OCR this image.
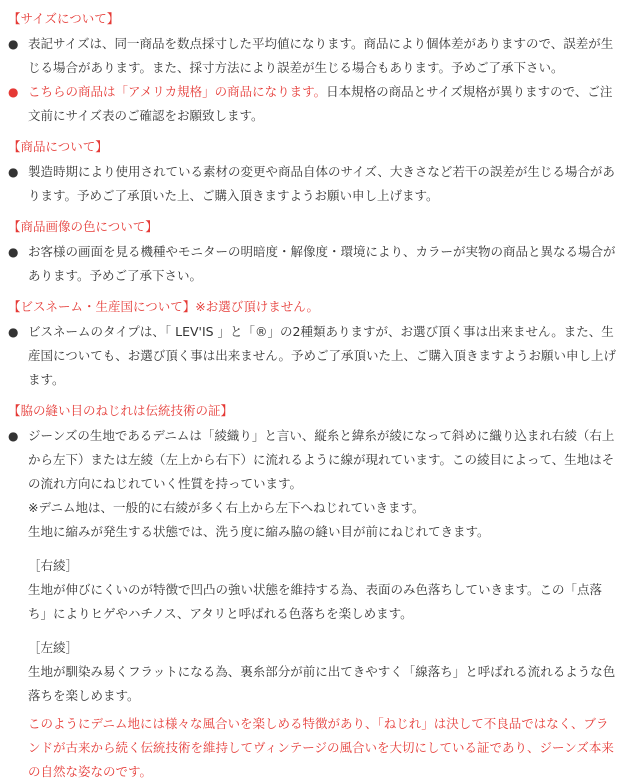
【サイズについて】
● 表記サイズは、同一商品を数点採寸した平均値になります。商品により個体差がありますので、誤差が生じる場合があります。また、採寸方法により誤差が生じる場合もあります。予めご了承下さい。
● こちらの商品は「アメリカ規格」の商品になります。日本規格の商品とサイズ規格が異りますので、ご注文前にサイズ表のご確認をお願致します。
【商品について】
● 製造時期により使用されている素材の変更や商品自体のサイズ、大きさなど若干の誤差が生じる場合があります。予めご了承頂いた上、ご購入頂きますようお願い申し上げます。
【商品画像の色について】
● お客様の画面を見る機種やモニターの明暗度・解像度・環境により、カラーが実物の商品と異なる場合があります。予めご了承下さい。
【ビスネーム・生産国について】※お選び頂けません。
● ビスネームのタイプは、「 LEV'IS 」と「®」の2種類ありますが、お選び頂く事は出来ません。また、生産国についても、お選び頂く事は出来ません。予めご了承頂いた上、ご購入頂きますようお願い申し上げます。
【脇の縫い目のねじれは伝統技術の証】
● ジーンズの生地であるデニムは「綾織り」と言い、縦糸と緯糸が綾になって斜めに織り込まれ右綾（右上から左下）または左綾（左上から右下）に流れるように線が現れています。この綾目によって、生地はその流れ方向にねじれていく性質を持っています。

※デニム地は、一般的に右綾が多く右上から左下へねじれていきます。

生地に縮みが発生する状態では、洗う度に縮み脇の縫い目が前にねじれてきます。

［右綾］

生地が伸びにくいのが特徴で凹凸の強い状態を維持する為、表面のみ色落ちしていきます。この「点落ち」によりヒゲやハチノス、アタリと呼ばれる色落ちを楽しめます。

［左綾］

生地が馴染み易くフラットになる為、裏糸部分が前に出てきやすく「線落ち」と呼ばれる流れるような色落ちを楽しめます。

このようにデニム地には様々な風合いを楽しめる特徴があり、「ねじれ」は決して不良品ではなく、ブランドが古来から続く伝統技術を維持してヴィンテージの風合いを大切にしている証であり、ジーンズ本来の自然な姿なのです。
